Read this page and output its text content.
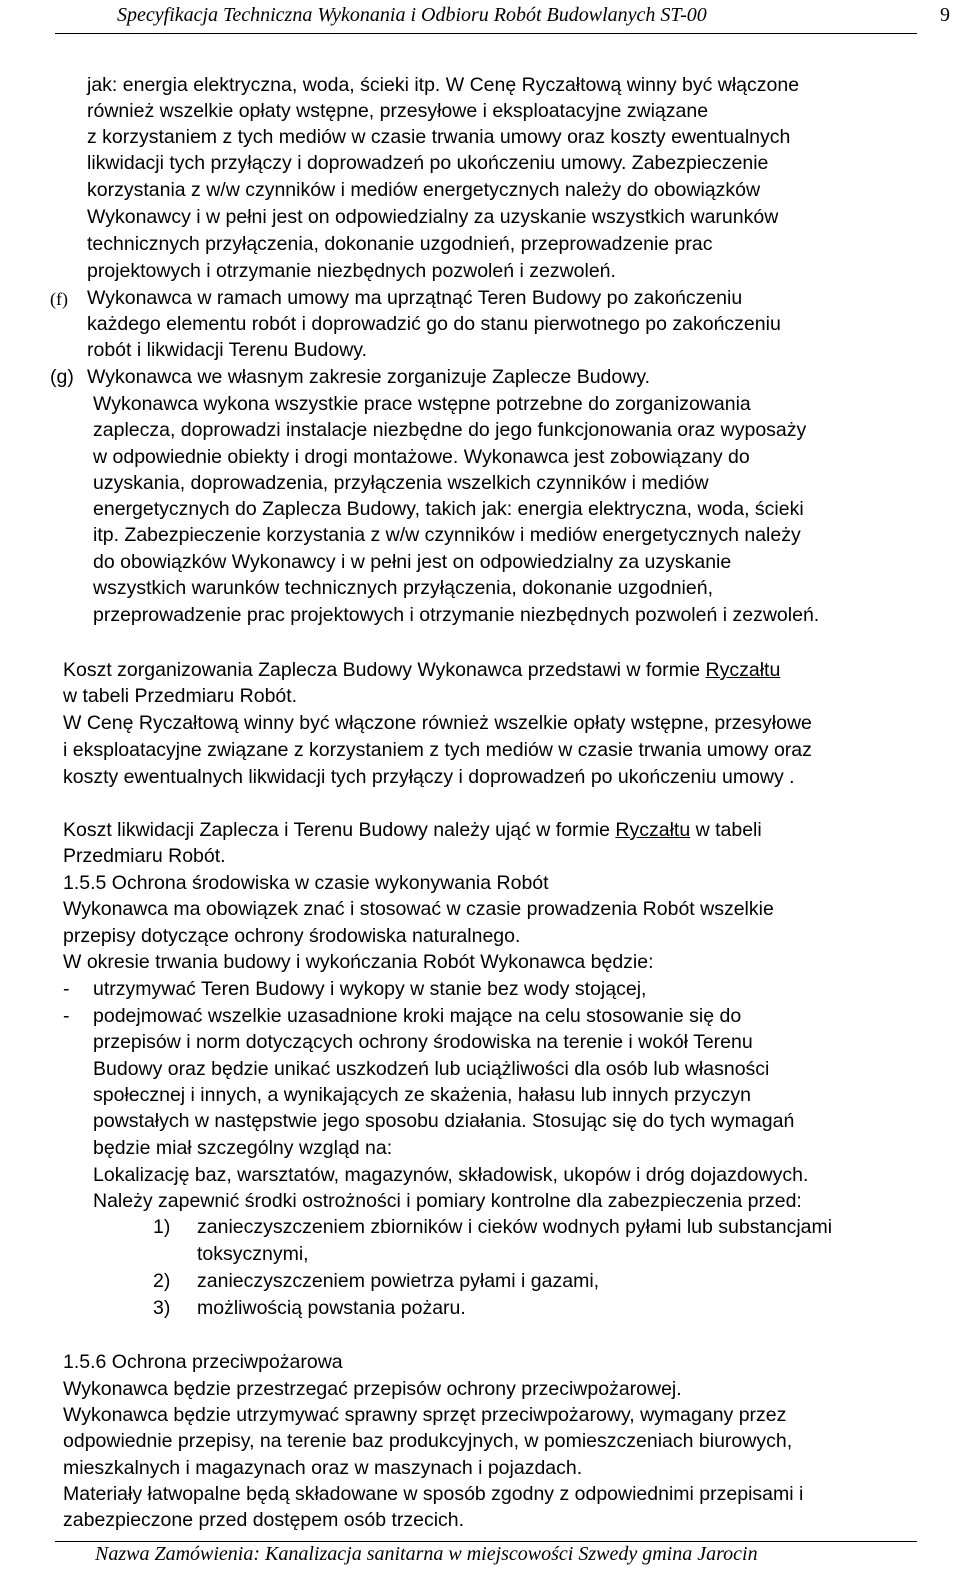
Specyfikacja Techniczna Wykonania i Odbioru Robót Budowlanych ST-00	9
jak: energia elektryczna, woda, ścieki itp. W Cenę Ryczałtową winny być włączone
również wszelkie opłaty wstępne, przesyłowe i eksploatacyjne związane
z korzystaniem z tych mediów w czasie trwania umowy oraz koszty ewentualnych
likwidacji tych przyłączy i doprowadzeń po ukończeniu umowy. Zabezpieczenie
korzystania z w/w czynników i mediów energetycznych należy do obowiązków
Wykonawcy i w pełni jest on odpowiedzialny za uzyskanie wszystkich warunków
technicznych przyłączenia, dokonanie uzgodnień, przeprowadzenie prac
projektowych i otrzymanie niezbędnych pozwoleń i zezwoleń.
(f) Wykonawca w ramach umowy ma uprzątnąć Teren Budowy po zakończeniu
każdego elementu robót i doprowadzić go do stanu pierwotnego po zakończeniu
robót i likwidacji Terenu Budowy.
(g) Wykonawca we własnym zakresie zorganizuje Zaplecze Budowy.
Wykonawca wykona wszystkie prace wstępne potrzebne do zorganizowania
zaplecza, doprowadzi instalacje niezbędne do jego funkcjonowania oraz wyposaży
w odpowiednie obiekty i drogi montażowe. Wykonawca jest zobowiązany do
uzyskania, doprowadzenia, przyłączenia wszelkich czynników i mediów
energetycznych do Zaplecza Budowy, takich jak: energia elektryczna, woda, ścieki
itp. Zabezpieczenie korzystania z w/w czynników i mediów energetycznych należy
do obowiązków Wykonawcy i w pełni jest on odpowiedzialny za uzyskanie
wszystkich warunków technicznych przyłączenia, dokonanie uzgodnień,
przeprowadzenie prac projektowych i otrzymanie niezbędnych pozwoleń i zezwoleń.
Koszt zorganizowania Zaplecza Budowy Wykonawca przedstawi w formie Ryczałtu
w tabeli Przedmiaru Robót.
W Cenę Ryczałtową winny być włączone również wszelkie opłaty wstępne, przesyłowe
i eksploatacyjne związane z korzystaniem z tych mediów w czasie trwania umowy oraz
koszty ewentualnych likwidacji tych przyłączy i doprowadzeń po ukończeniu umowy .
Koszt likwidacji Zaplecza i Terenu Budowy należy ująć w formie Ryczałtu w tabeli
Przedmiaru Robót.
1.5.5 Ochrona środowiska w czasie wykonywania Robót
Wykonawca ma obowiązek znać i stosować w czasie prowadzenia Robót wszelkie
przepisy dotyczące ochrony środowiska naturalnego.
W okresie trwania budowy i wykończania Robót Wykonawca będzie:
- utrzymywać Teren Budowy i wykopy w stanie bez wody stojącej,
- podejmować wszelkie uzasadnione kroki mające na celu stosowanie się do
przepisów i norm dotyczących ochrony środowiska na terenie i wokół Terenu
Budowy oraz będzie unikać uszkodzeń lub uciążliwości dla osób lub własności
społecznej i innych, a wynikających ze skażenia, hałasu lub innych przyczyn
powstałych w następstwie jego sposobu działania. Stosując się do tych wymagań
będzie miał szczególny wzgląd na:
Lokalizację baz, warsztatów, magazynów, składowisk, ukopów i dróg dojazdowych.
Należy zapewnić środki ostrożności i pomiary kontrolne dla zabezpieczenia przed:
1) zanieczyszczeniem zbiorników i cieków wodnych pyłami lub substancjami
toksycznymi,
2) zanieczyszczeniem powietrza pyłami i gazami,
3) możliwością powstania pożaru.
1.5.6 Ochrona przeciwpożarowa
Wykonawca będzie przestrzegać przepisów ochrony przeciwpożarowej.
Wykonawca będzie utrzymywać sprawny sprzęt przeciwpożarowy, wymagany przez
odpowiednie przepisy, na terenie baz produkcyjnych, w pomieszczeniach biurowych,
mieszkalnych i magazynach oraz w maszynach i pojazdach.
Materiały łatwopalne będą składowane w sposób zgodny z odpowiednimi przepisami i
zabezpieczone przed dostępem osób trzecich.
Nazwa Zamówienia: Kanalizacja sanitarna w miejscowości Szwedy gmina Jarocin
